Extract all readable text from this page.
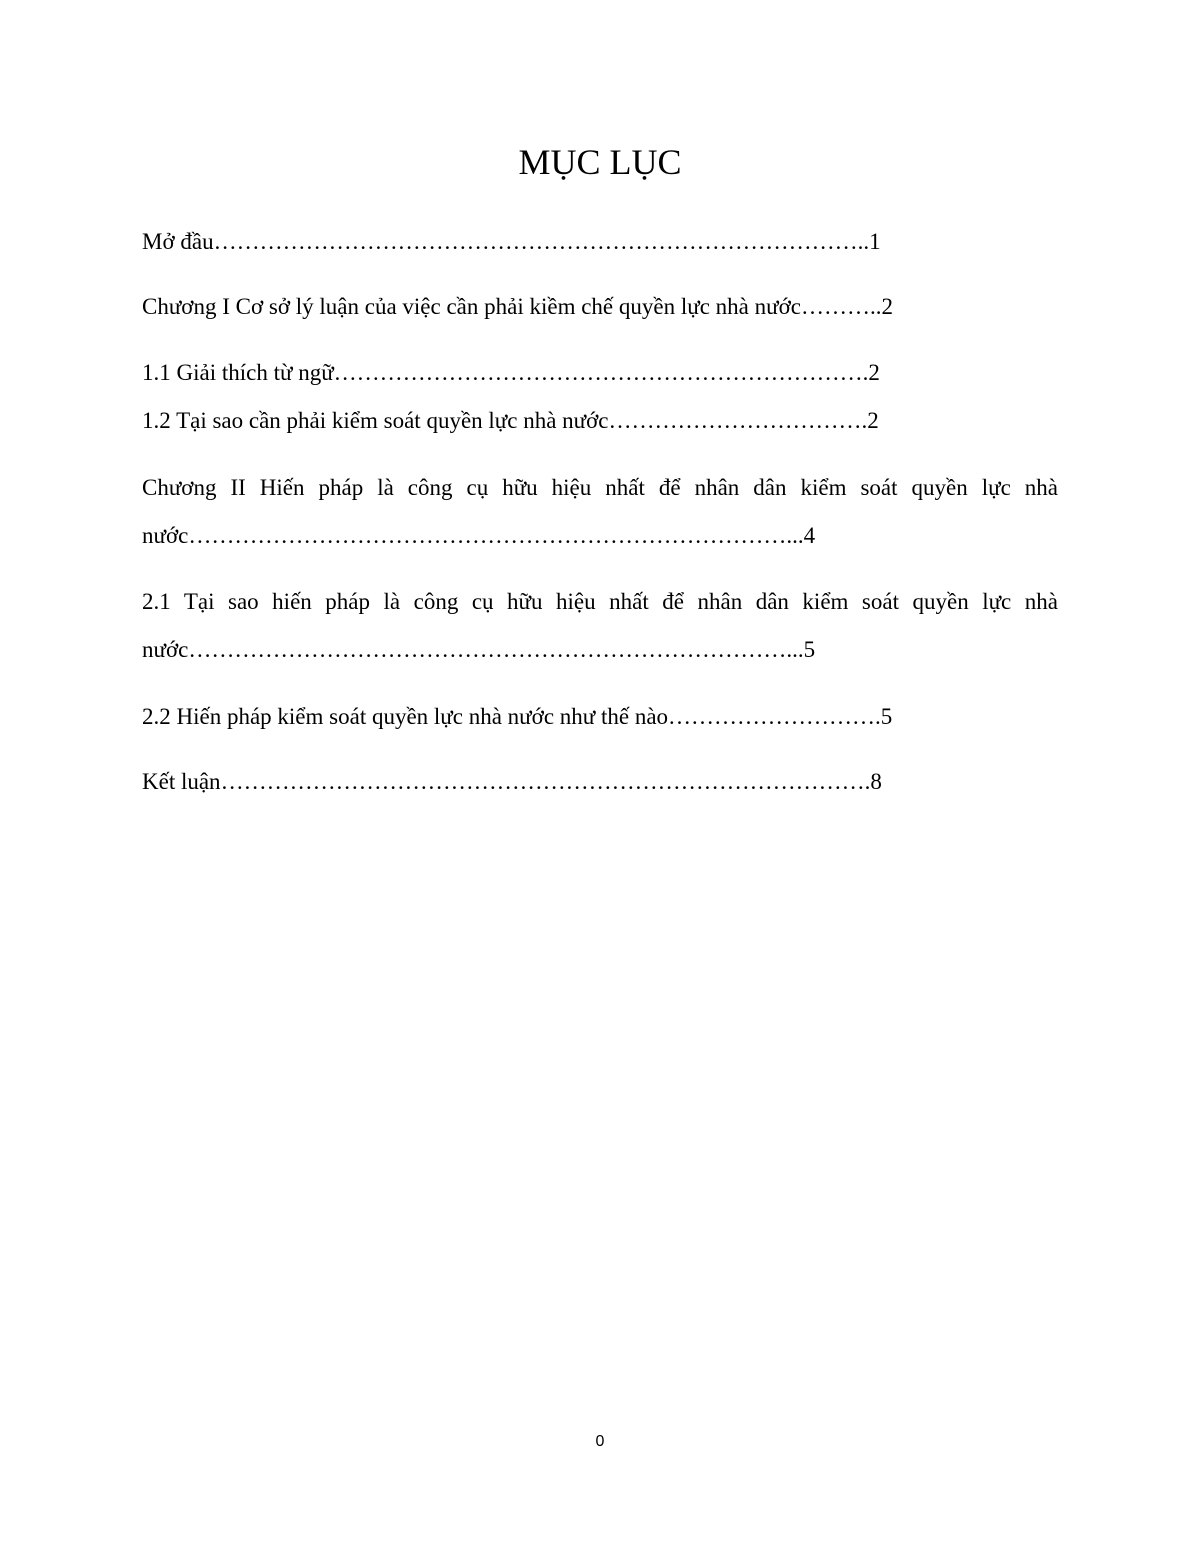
MỤC LỤC

Mở đầu…………………………………………………………………………..1

Chương I Cơ sở lý luận của việc cần phải kiềm chế quyền lực nhà nước………..2

1.1 Giải thích từ ngữ…………………………………………………………….2

1.2 Tại sao cần phải kiểm soát quyền lực nhà nước…………………………….2

Chương II Hiến pháp là công cụ hữu hiệu nhất để nhân dân kiểm soát quyền lực nhà nước……………………………………………………………………...4

2.1 Tại sao hiến pháp là công cụ hữu hiệu nhất để nhân dân kiểm soát quyền lực nhà nước……………………………………………………………………...5

2.2 Hiến pháp kiểm soát quyền lực nhà nước như thế nào……………………….5

Kết luận………………………………………………………………………….8

0
